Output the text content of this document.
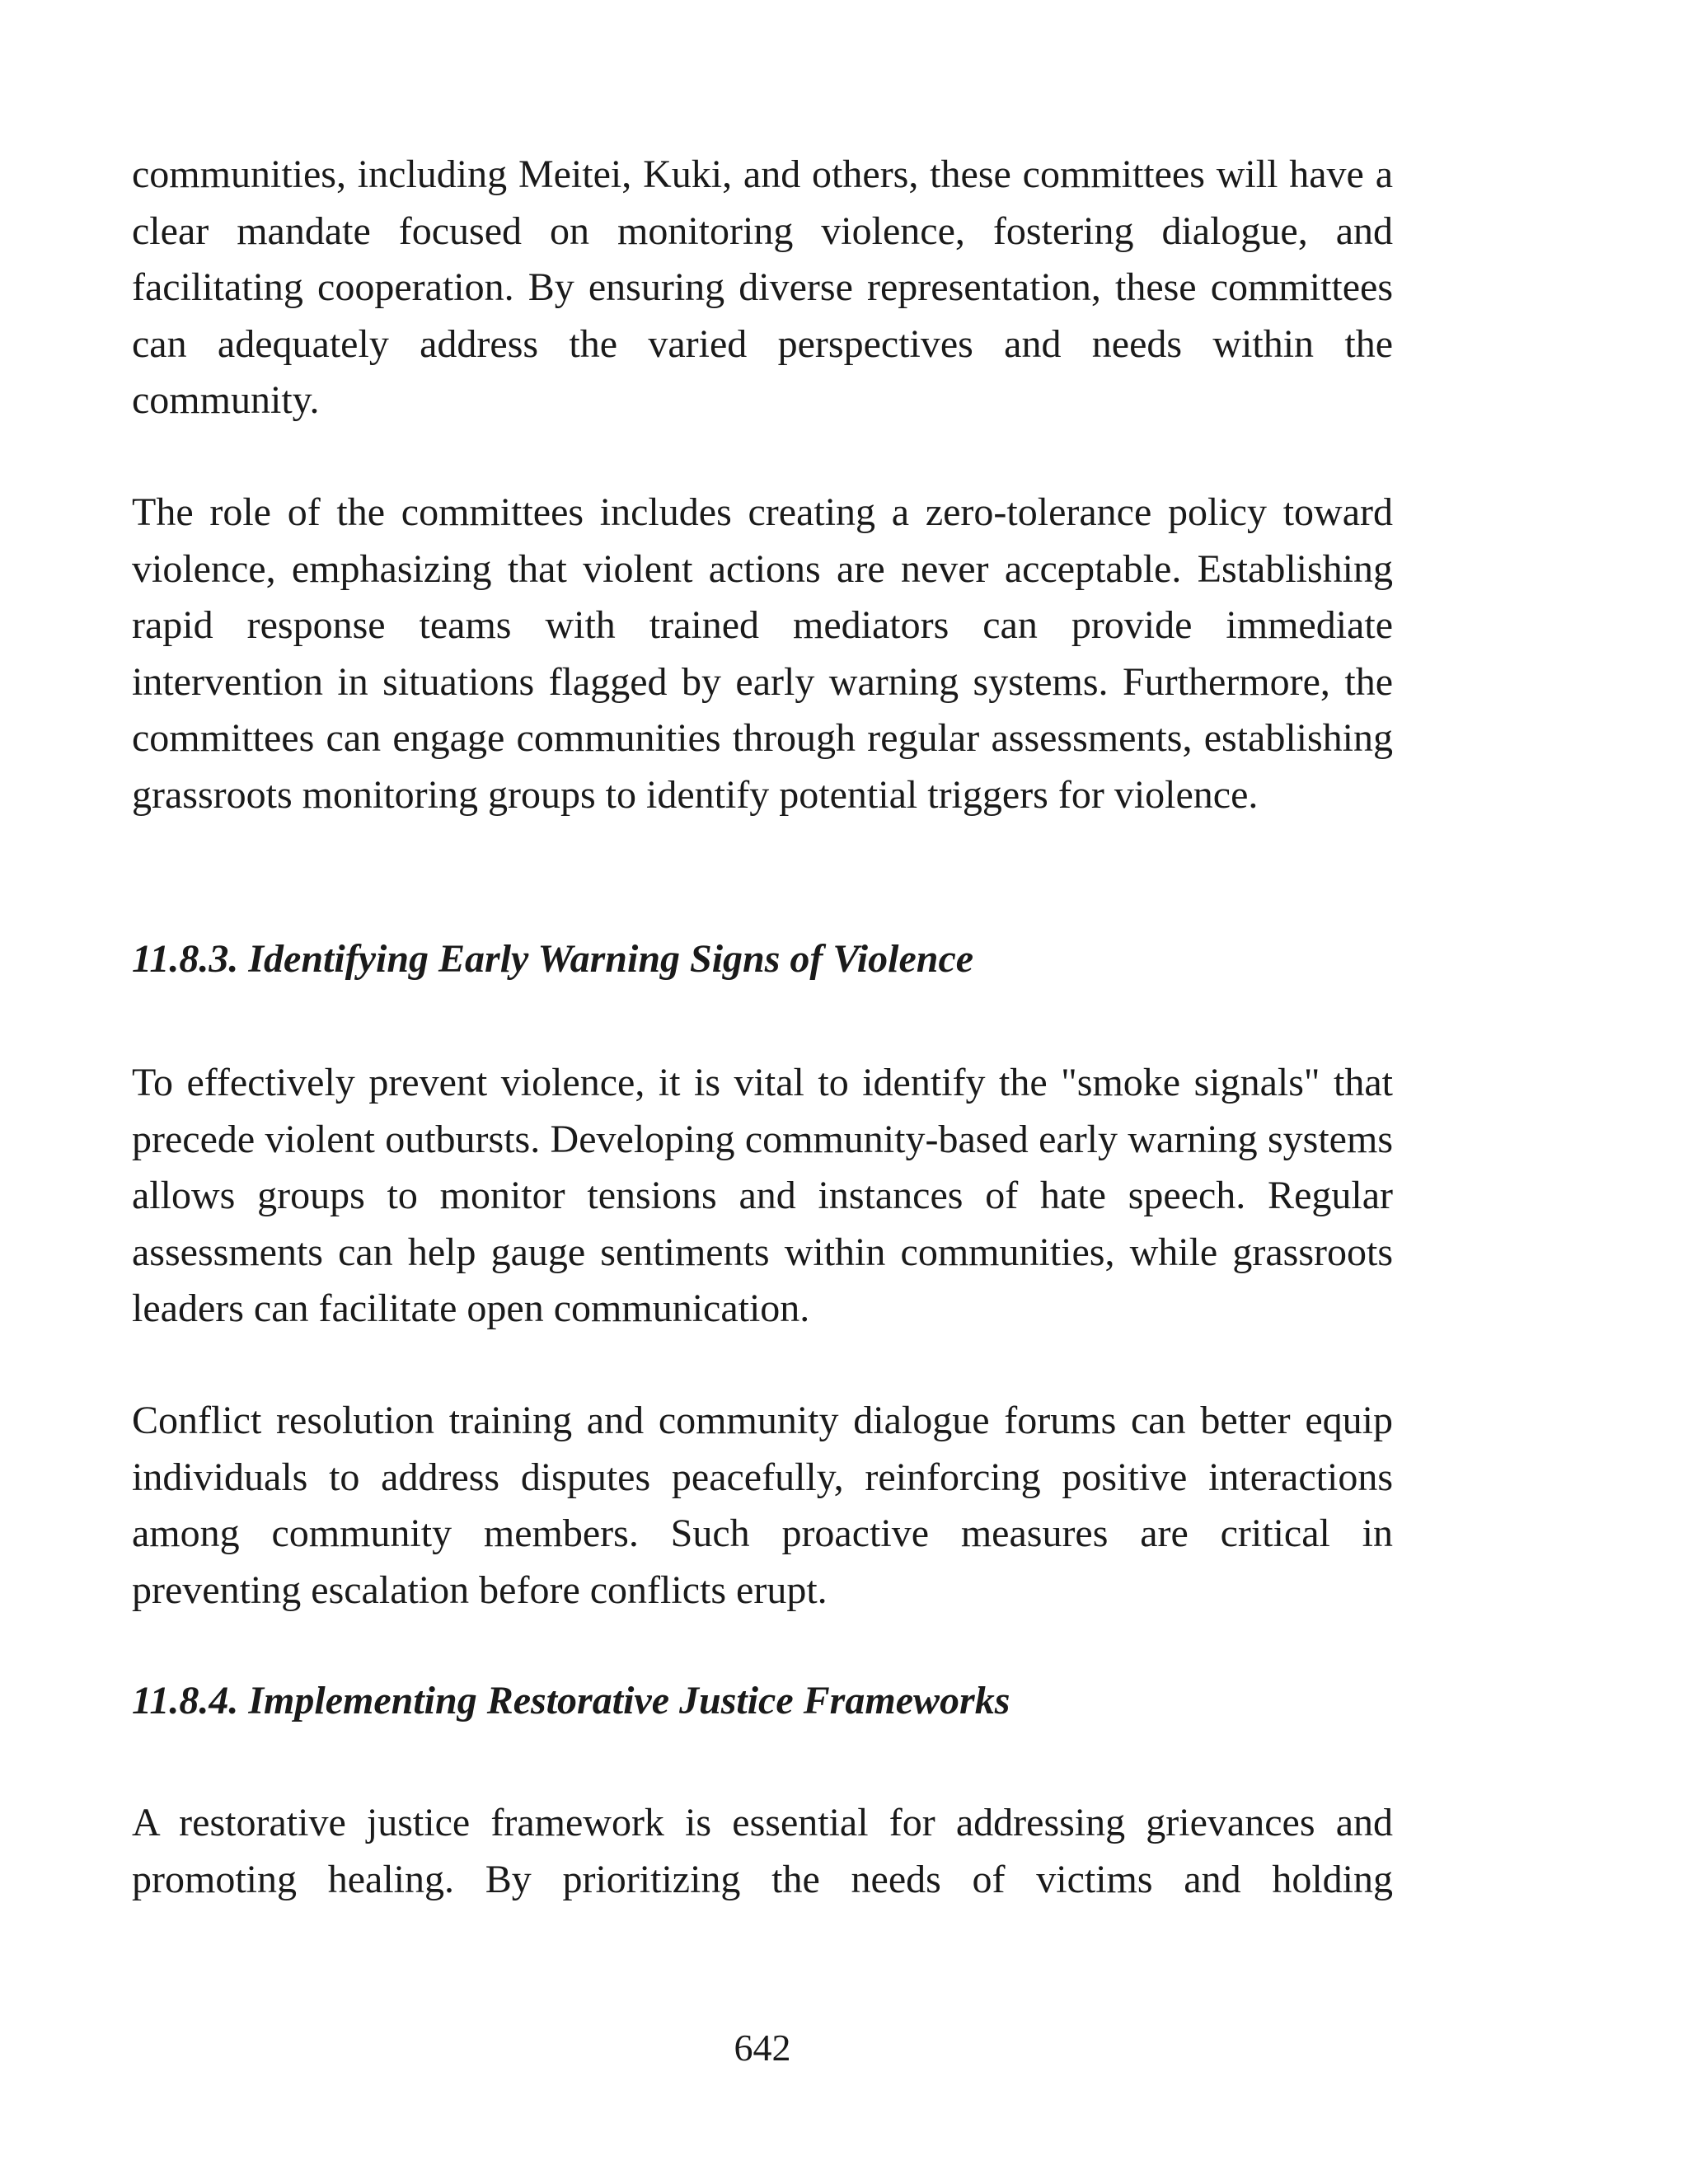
communities, including Meitei, Kuki, and others, these committees will have a clear mandate focused on monitoring violence, fostering dialogue, and facilitating cooperation. By ensuring diverse representation, these committees can adequately address the varied perspectives and needs within the community.

The role of the committees includes creating a zero-tolerance policy toward violence, emphasizing that violent actions are never acceptable. Establishing rapid response teams with trained mediators can provide immediate intervention in situations flagged by early warning systems. Furthermore, the committees can engage communities through regular assessments, establishing grassroots monitoring groups to identify potential triggers for violence.

11.8.3. Identifying Early Warning Signs of Violence

To effectively prevent violence, it is vital to identify the "smoke signals" that precede violent outbursts. Developing community-based early warning systems allows groups to monitor tensions and instances of hate speech. Regular assessments can help gauge sentiments within communities, while grassroots leaders can facilitate open communication.

Conflict resolution training and community dialogue forums can better equip individuals to address disputes peacefully, reinforcing positive interactions among community members. Such proactive measures are critical in preventing escalation before conflicts erupt.

11.8.4. Implementing Restorative Justice Frameworks

A restorative justice framework is essential for addressing grievances and promoting healing. By prioritizing the needs of victims and holding

642
